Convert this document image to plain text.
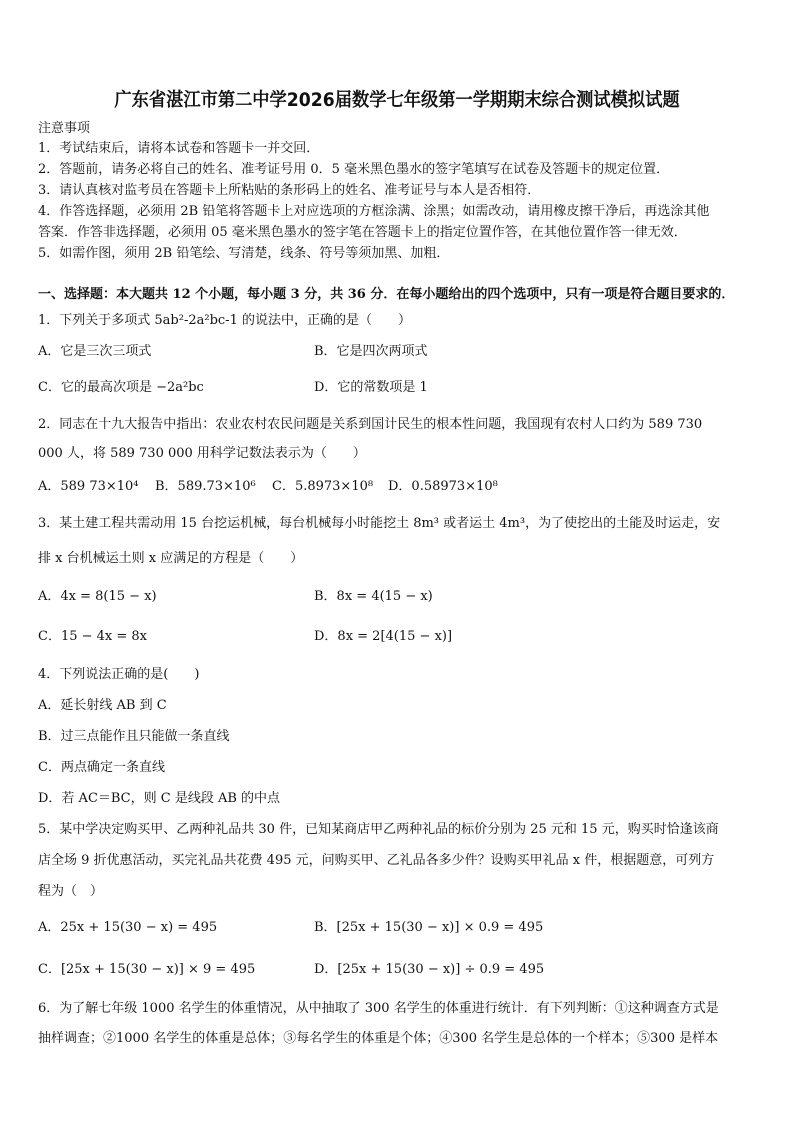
广东省湛江市第二中学2026届数学七年级第一学期期末综合测试模拟试题
注意事项
1．考试结束后，请将本试卷和答题卡一并交回．
2．答题前，请务必将自己的姓名、准考证号用 0．5 毫米黑色墨水的签字笔填写在试卷及答题卡的规定位置．
3．请认真核对监考员在答题卡上所粘贴的条形码上的姓名、准考证号与本人是否相符．
4．作答选择题，必须用 2B 铅笔将答题卡上对应选项的方框涂满、涂黑；如需改动，请用橡皮擦干净后，再选涂其他
答案．作答非选择题，必须用 05 毫米黑色墨水的签字笔在答题卡上的指定位置作答，在其他位置作答一律无效．
5．如需作图，须用 2B 铅笔绘、写清楚，线条、符号等须加黑、加粗．
一、选择题：本大题共 12 个小题，每小题 3 分，共 36 分．在每小题给出的四个选项中，只有一项是符合题目要求的．
1．下列关于多项式 5ab²-2a²bc-1 的说法中，正确的是（　　）
A．它是三次三项式	B．它是四次两项式
C．它的最高次项是 −2a²bc	D．它的常数项是 1
2．同志在十九大报告中指出：农业农村农民问题是关系到国计民生的根本性问题，我国现有农村人口约为 589 730
000 人，将 589 730 000 用科学记数法表示为（　　）
A．589 73×10⁴ B．589.73×10⁶ C．5.8973×10⁸ D．0.58973×10⁸
3．某土建工程共需动用 15 台挖运机械，每台机械每小时能挖土 8m³ 或者运土 4m³，为了使挖出的土能及时运走，安
排 x 台机械运土则 x 应满足的方程是（　　）
A．4x = 8(15 − x)	B．8x = 4(15 − x)
C．15 − 4x = 8x	D．8x = 2[4(15 − x)]
4．下列说法正确的是(　　)
A．延长射线 AB 到 C
B．过三点能作且只能做一条直线
C．两点确定一条直线
D．若 AC＝BC，则 C 是线段 AB 的中点
5．某中学决定购买甲、乙两种礼品共 30 件，已知某商店甲乙两种礼品的标价分别为 25 元和 15 元，购买时恰逢该商
店全场 9 折优惠活动，买完礼品共花费 495 元，问购买甲、乙礼品各多少件？设购买甲礼品 x 件，根据题意，可列方
程为（　）
A．25x + 15(30 − x) = 495	B．[25x + 15(30 − x)] × 0.9 = 495
C．[25x + 15(30 − x)] × 9 = 495	D．[25x + 15(30 − x)] ÷ 0.9 = 495
6．为了解七年级 1000 名学生的体重情况，从中抽取了 300 名学生的体重进行统计．有下列判断：①这种调查方式是
抽样调查；②1000 名学生的体重是总体；③每名学生的体重是个体；④300 名学生是总体的一个样本；⑤300 是样本
